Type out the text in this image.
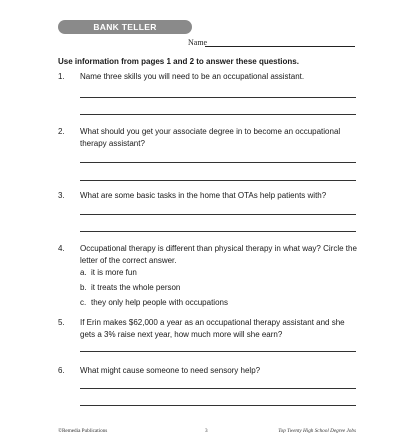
BANK TELLER
Name
Use information from pages 1 and 2 to answer these questions.
1. Name three skills you will need to be an occupational assistant.
2. What should you get your associate degree in to become an occupational therapy assistant?
3. What are some basic tasks in the home that OTAs help patients with?
4. Occupational therapy is different than physical therapy in what way? Circle the letter of the correct answer.
a. it is more fun
b. it treats the whole person
c. they only help people with occupations
5. If Erin makes $62,000 a year as an occupational therapy assistant and she gets a 3% raise next year, how much more will she earn?
6. What might cause someone to need sensory help?
©Remedia Publications	3	Top Twenty High School Degree Jobs
